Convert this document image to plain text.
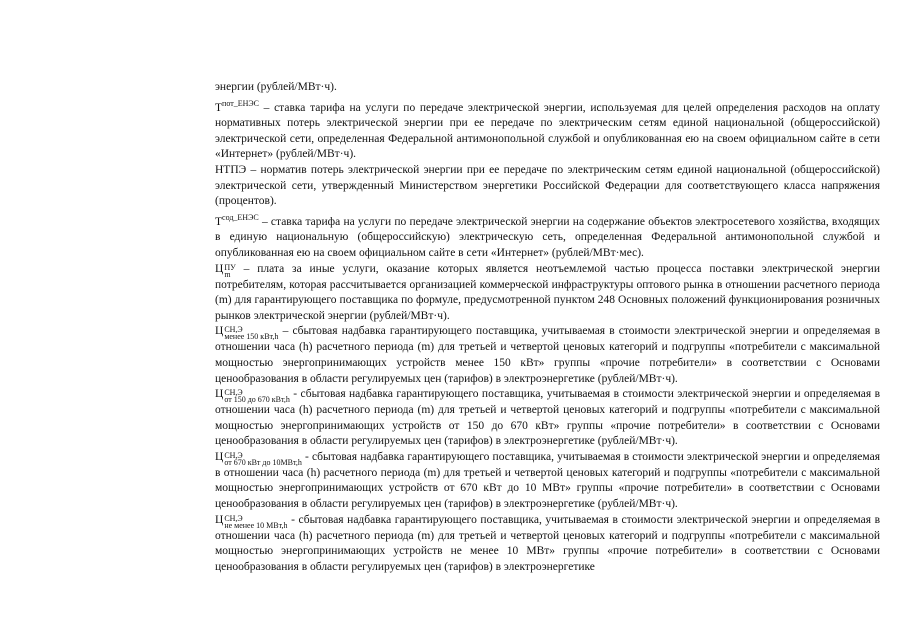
энергии (рублей/МВт·ч).

$Т^{пот\_ЕНЭС}$ – ставка тарифа на услуги по передаче электрической энергии, используемая для целей определения расходов на оплату нормативных потерь электрической энергии при ее передаче по электрическим сетям единой национальной (общероссийской) электрической сети, определенная Федеральной антимонопольной службой и опубликованная ею на своем официальном сайте в сети «Интернет» (рублей/МВт·ч).

НТПЭ – норматив потерь электрической энергии при ее передаче по электрическим сетям единой национальной (общероссийской) электрической сети, утвержденный Министерством энергетики Российской Федерации для соответствующего класса напряжения (процентов).

$Т^{сод\_ЕНЭС}$ – ставка тарифа на услуги по передаче электрической энергии на содержание объектов электросетевого хозяйства, входящих в единую национальную (общероссийскую) электрическую сеть, определенная Федеральной антимонопольной службой и опубликованная ею на своем официальном сайте в сети «Интернет» (рублей/МВт·мес).

Ц ПУ
m – плата за иные услуги, оказание которых является неотъемлемой частью процесса поставки электрической энергии потребителям, которая рассчитывается организацией коммерческой инфраструктуры оптового рынка в отношении расчетного периода (m) для гарантирующего поставщика по формуле, предусмотренной пунктом 248 Основных положений функционирования розничных рынков электрической энергии (рублей/МВт·ч).

Ц СН,Э
менее 150 кВт,h – сбытовая надбавка гарантирующего поставщика, учитываемая в стоимости электрической энергии и определяемая в отношении часа (h) расчетного периода (m) для третьей и четвертой ценовых категорий и подгруппы «потребители с максимальной мощностью энергопринимающих устройств менее 150 кВт» группы «прочие потребители» в соответствии с Основами ценообразования в области регулируемых цен (тарифов) в электроэнергетике (рублей/МВт·ч).

Ц СН,Э
от 150 до 670 кВт,h - сбытовая надбавка гарантирующего поставщика, учитываемая в стоимости электрической энергии и определяемая в отношении часа (h) расчетного периода (m) для третьей и четвертой ценовых категорий и подгруппы «потребители с максимальной мощностью энергопринимающих устройств от 150 до 670 кВт» группы «прочие потребители» в соответствии с Основами ценообразования в области регулируемых цен (тарифов) в электроэнергетике (рублей/МВт·ч).

Ц СН,Э
от 670 кВт до 10МВт,h - сбытовая надбавка гарантирующего поставщика, учитываемая в стоимости электрической энергии и определяемая в отношении часа (h) расчетного периода (m) для третьей и четвертой ценовых категорий и подгруппы «потребители с максимальной мощностью энергопринимающих устройств от 670 кВт до 10 МВт» группы «прочие потребители» в соответствии с Основами ценообразования в области регулируемых цен (тарифов) в электроэнергетике (рублей/МВт·ч).

Ц СН,Э
не менее 10 МВт,h - сбытовая надбавка гарантирующего поставщика, учитываемая в стоимости электрической энергии и определяемая в отношении часа (h) расчетного периода (m) для третьей и четвертой ценовых категорий и подгруппы «потребители с максимальной мощностью энергопринимающих устройств не менее 10 МВт» группы «прочие потребители» в соответствии с Основами ценообразования в области регулируемых цен (тарифов) в электроэнергетике
